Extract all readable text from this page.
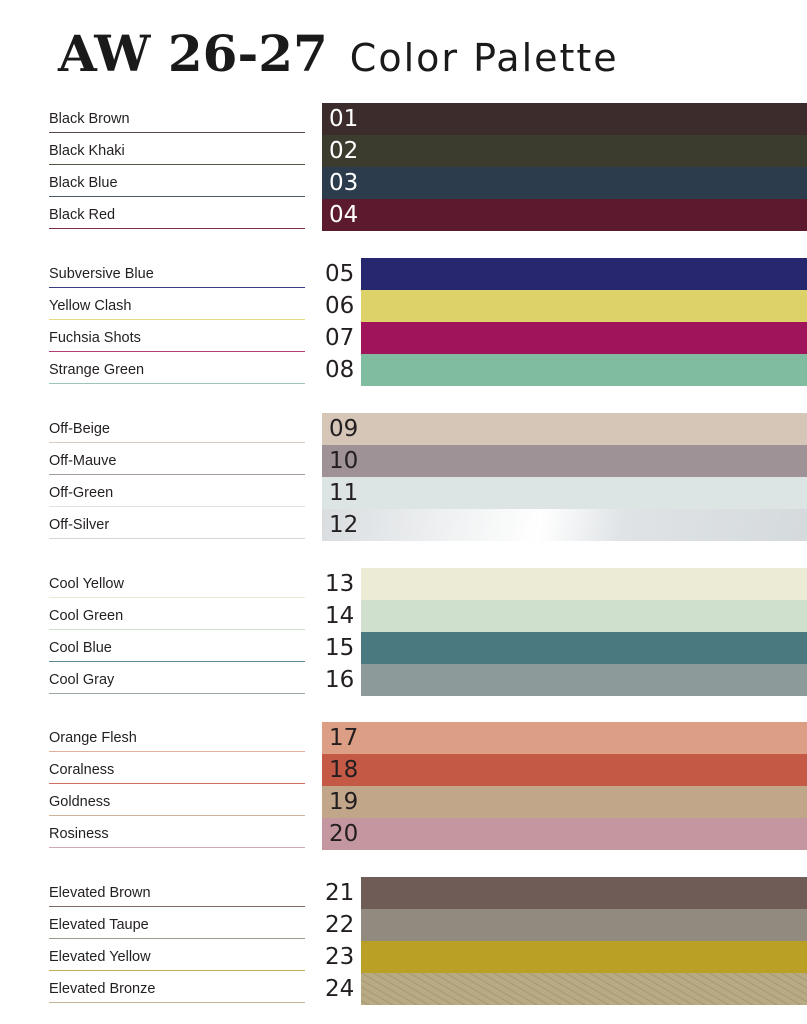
AW 26-27 Color Palette
Black Brown	01
Black Khaki	02
Black Blue	03
Black Red	04
Subversive Blue	05
Yellow Clash	06
Fuchsia Shots	07
Strange Green	08
Off-Beige	09
Off-Mauve	10
Off-Green	11
Off-Silver	12
Cool Yellow	13
Cool Green	14
Cool Blue	15
Cool Gray	16
Orange Flesh	17
Coralness	18
Goldness	19
Rosiness	20
Elevated Brown	21
Elevated Taupe	22
Elevated Yellow	23
Elevated Bronze	24
